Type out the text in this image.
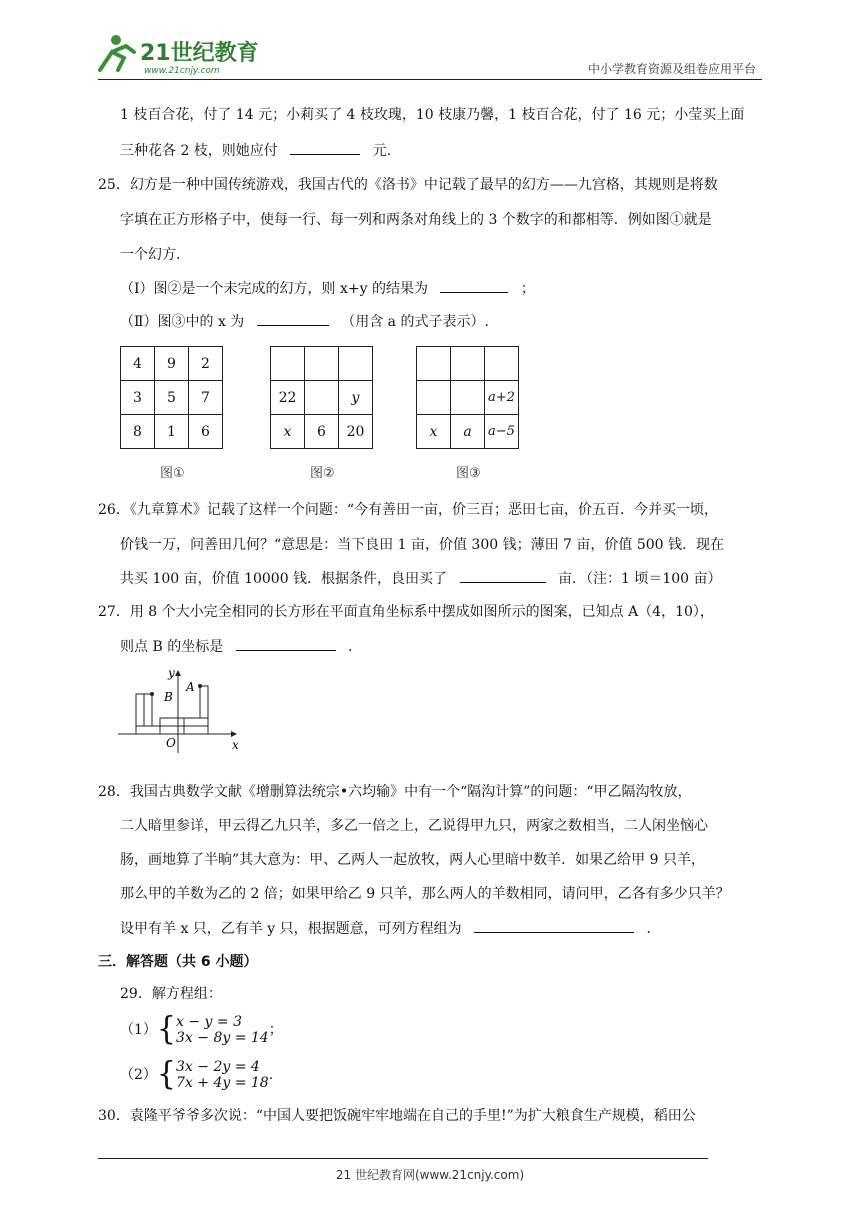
21世纪教育
www.21cnjy.com	中小学教育资源及组卷应用平台
1 枝百合花，付了 14 元；小莉买了 4 枝玫瑰，10 枝康乃馨，1 枝百合花，付了 16 元；小莹买上面
三种花各 2 枝，则她应付	元.
25．幻方是一种中国传统游戏，我国古代的《洛书》中记载了最早的幻方——九宫格，其规则是将数
字填在正方形格子中，使每一行、每一列和两条对角线上的 3 个数字的和都相等．例如图①就是
一个幻方．
（Ⅰ）图②是一个未完成的幻方，则 x+y 的结果为	；
（Ⅱ）图③中的 x 为	（用含 a 的式子表示）.
4	9	2
3	5	7
8	1	6
图①

22		y
x	6	20
图②

		a+2
x	a	a−5
图③
26．《九章算术》记载了这样一个问题：“今有善田一亩，价三百；恶田七亩，价五百．今并买一顷，
价钱一万，问善田几何？“意思是：当下良田 1 亩，价值 300 钱；薄田 7 亩，价值 500 钱．现在
共买 100 亩，价值 10000 钱．根据条件，良田买了	亩．（注：1 顷＝100 亩）
27．用 8 个大小完全相同的长方形在平面直角坐标系中摆成如图所示的图案，已知点 A（4，10），
则点 B 的坐标是	．
B
A
y
x
O
28．我国古典数学文献《增删算法统宗•六均输》中有一个“隔沟计算”的问题：“甲乙隔沟牧放，
二人暗里参详，甲云得乙九只羊，多乙一倍之上，乙说得甲九只，两家之数相当，二人闲坐恼心
肠，画地算了半晌”其大意为：甲、乙两人一起放牧，两人心里暗中数羊．如果乙给甲 9 只羊，
那么甲的羊数为乙的 2 倍；如果甲给乙 9 只羊，那么两人的羊数相同，请问甲，乙各有多少只羊？
设甲有羊 x 只，乙有羊 y 只，根据题意，可列方程组为	．
三．解答题（共 6 小题）
29．解方程组：
（1）{ x − y = 3
3x − 8y = 14 ；
（2）{ 3x − 2y = 4
7x + 4y = 18 .
30．袁隆平爷爷多次说：“中国人要把饭碗牢牢地端在自己的手里!”为扩大粮食生产规模，稻田公
21 世纪教育网(www.21cnjy.com)
